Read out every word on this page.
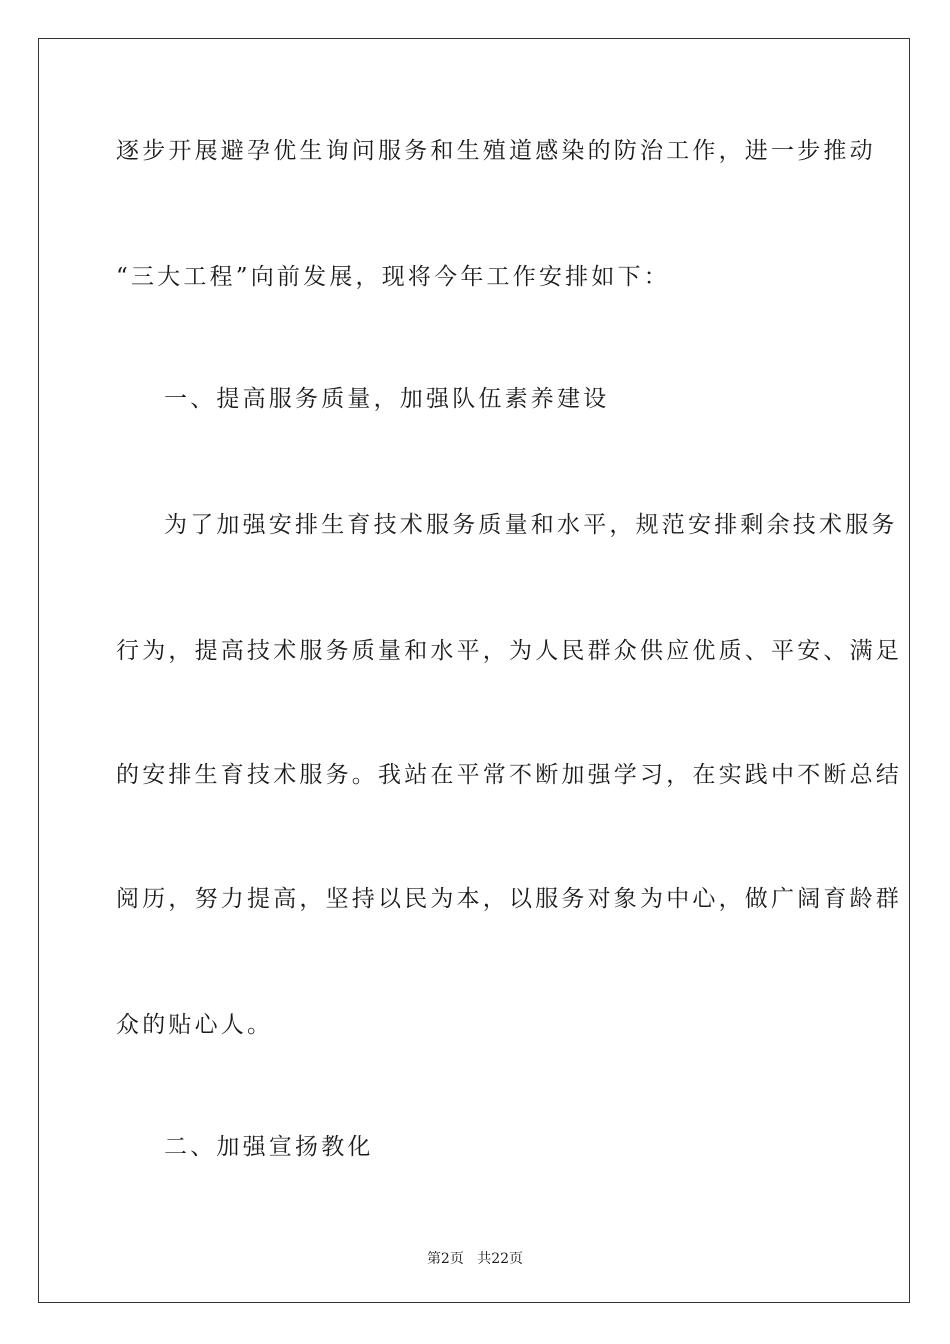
逐步开展避孕优生询问服务和生殖道感染的防治工作，进一步推动
“三大工程”向前发展，现将今年工作安排如下：
一、提高服务质量，加强队伍素养建设
为了加强安排生育技术服务质量和水平，规范安排剩余技术服务
行为，提高技术服务质量和水平，为人民群众供应优质、平安、满足
的安排生育技术服务。我站在平常不断加强学习，在实践中不断总结
阅历，努力提高，坚持以民为本，以服务对象为中心，做广阔育龄群
众的贴心人。
二、加强宣扬教化
第2页 共22页
